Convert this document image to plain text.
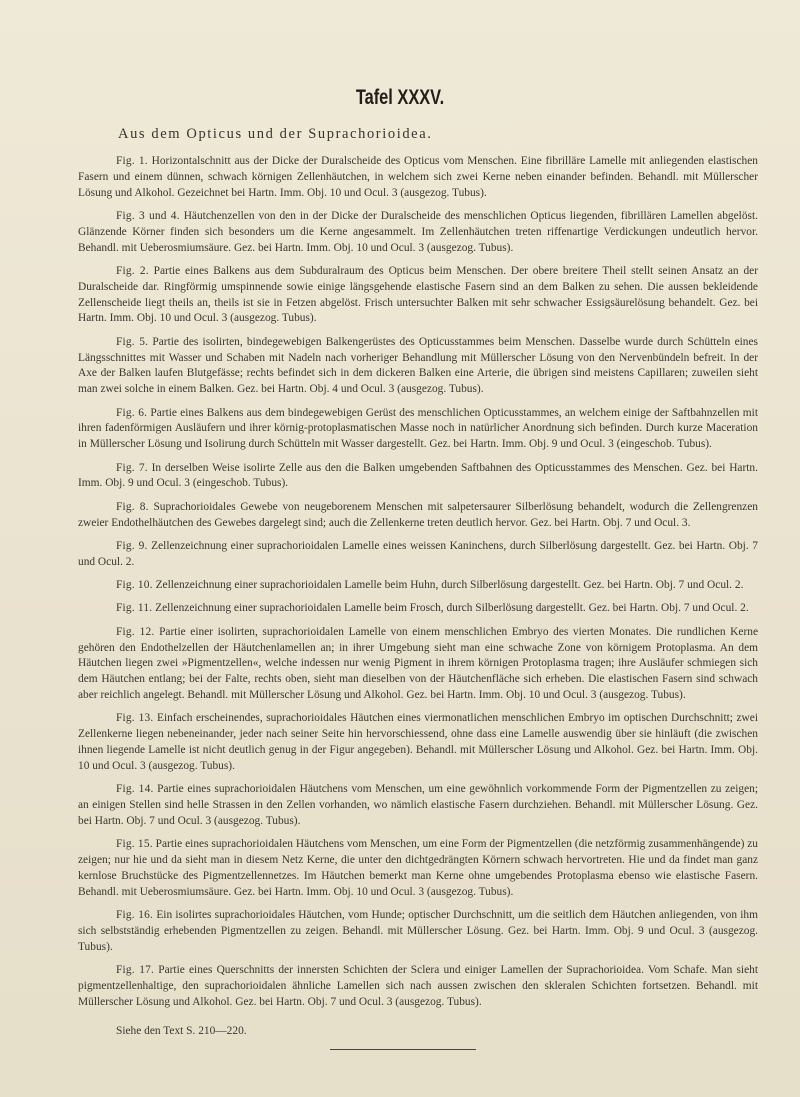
Tafel XXXV.
Aus dem Opticus und der Suprachorioidea.

Fig. 1. Horizontalschnitt aus der Dicke der Duralscheide des Opticus vom Menschen. Eine fibrilläre Lamelle mit anliegenden elastischen Fasern und einem dünnen, schwach körnigen Zellenhäutchen, in welchem sich zwei Kerne neben einander befinden. Behandl. mit Müllerscher Lösung und Alkohol. Gezeichnet bei Hartn. Imm. Obj. 10 und Ocul. 3 (ausgezog. Tubus).

Fig. 3 und 4. Häutchenzellen von den in der Dicke der Duralscheide des menschlichen Opticus liegenden, fibrillären Lamellen abgelöst. Glänzende Körner finden sich besonders um die Kerne angesammelt. Im Zellenhäutchen treten riffenartige Verdickungen undeutlich hervor. Behandl. mit Ueberosmiumsäure. Gez. bei Hartn. Imm. Obj. 10 und Ocul. 3 (ausgezog. Tubus).

Fig. 2. Partie eines Balkens aus dem Subduralraum des Opticus beim Menschen. Der obere breitere Theil stellt seinen Ansatz an der Duralscheide dar. Ringförmig umspinnende sowie einige längsgehende elastische Fasern sind an dem Balken zu sehen. Die aussen bekleidende Zellenscheide liegt theils an, theils ist sie in Fetzen abgelöst. Frisch untersuchter Balken mit sehr schwacher Essigsäurelösung behandelt. Gez. bei Hartn. Imm. Obj. 10 und Ocul. 3 (ausgezog. Tubus).

Fig. 5. Partie des isolirten, bindegewebigen Balkengerüstes des Opticusstammes beim Menschen. Dasselbe wurde durch Schütteln eines Längsschnittes mit Wasser und Schaben mit Nadeln nach vorheriger Behandlung mit Müllerscher Lösung von den Nervenbündeln befreit. In der Axe der Balken laufen Blutgefässe; rechts befindet sich in dem dickeren Balken eine Arterie, die übrigen sind meistens Capillaren; zuweilen sieht man zwei solche in einem Balken. Gez. bei Hartn. Obj. 4 und Ocul. 3 (ausgezog. Tubus).

Fig. 6. Partie eines Balkens aus dem bindegewebigen Gerüst des menschlichen Opticusstammes, an welchem einige der Saftbahnzellen mit ihren fadenförmigen Ausläufern und ihrer körnig-protoplasmatischen Masse noch in natürlicher Anordnung sich befinden. Durch kurze Maceration in Müllerscher Lösung und Isolirung durch Schütteln mit Wasser dargestellt. Gez. bei Hartn. Imm. Obj. 9 und Ocul. 3 (eingeschob. Tubus).

Fig. 7. In derselben Weise isolirte Zelle aus den die Balken umgebenden Saftbahnen des Opticusstammes des Menschen. Gez. bei Hartn. Imm. Obj. 9 und Ocul. 3 (eingeschob. Tubus).

Fig. 8. Suprachorioidales Gewebe von neugeborenem Menschen mit salpetersaurer Silberlösung behandelt, wodurch die Zellengrenzen zweier Endothelhäutchen des Gewebes dargelegt sind; auch die Zellenkerne treten deutlich hervor. Gez. bei Hartn. Obj. 7 und Ocul. 3.

Fig. 9. Zellenzeichnung einer suprachorioidalen Lamelle eines weissen Kaninchens, durch Silberlösung dargestellt. Gez. bei Hartn. Obj. 7 und Ocul. 2.

Fig. 10. Zellenzeichnung einer suprachorioidalen Lamelle beim Huhn, durch Silberlösung dargestellt. Gez. bei Hartn. Obj. 7 und Ocul. 2.

Fig. 11. Zellenzeichnung einer suprachorioidalen Lamelle beim Frosch, durch Silberlösung dargestellt. Gez. bei Hartn. Obj. 7 und Ocul. 2.

Fig. 12. Partie einer isolirten, suprachorioidalen Lamelle von einem menschlichen Embryo des vierten Monates. Die rundlichen Kerne gehören den Endothelzellen der Häutchenlamellen an; in ihrer Umgebung sieht man eine schwache Zone von körnigem Protoplasma. An dem Häutchen liegen zwei »Pigmentzellen«, welche indessen nur wenig Pigment in ihrem körnigen Protoplasma tragen; ihre Ausläufer schmiegen sich dem Häutchen entlang; bei der Falte, rechts oben, sieht man dieselben von der Häutchenfläche sich erheben. Die elastischen Fasern sind schwach aber reichlich angelegt. Behandl. mit Müllerscher Lösung und Alkohol. Gez. bei Hartn. Imm. Obj. 10 und Ocul. 3 (ausgezog. Tubus).

Fig. 13. Einfach erscheinendes, suprachorioidales Häutchen eines viermonatlichen menschlichen Embryo im optischen Durchschnitt; zwei Zellenkerne liegen nebeneinander, jeder nach seiner Seite hin hervorschiessend, ohne dass eine Lamelle auswendig über sie hinläuft (die zwischen ihnen liegende Lamelle ist nicht deutlich genug in der Figur angegeben). Behandl. mit Müllerscher Lösung und Alkohol. Gez. bei Hartn. Imm. Obj. 10 und Ocul. 3 (ausgezog. Tubus).

Fig. 14. Partie eines suprachorioidalen Häutchens vom Menschen, um eine gewöhnlich vorkommende Form der Pigmentzellen zu zeigen; an einigen Stellen sind helle Strassen in den Zellen vorhanden, wo nämlich elastische Fasern durchziehen. Behandl. mit Müllerscher Lösung. Gez. bei Hartn. Obj. 7 und Ocul. 3 (ausgezog. Tubus).

Fig. 15. Partie eines suprachorioidalen Häutchens vom Menschen, um eine Form der Pigmentzellen (die netzförmig zusammenhängende) zu zeigen; nur hie und da sieht man in diesem Netz Kerne, die unter den dichtgedrängten Körnern schwach hervortreten. Hie und da findet man ganz kernlose Bruchstücke des Pigmentzellennetzes. Im Häutchen bemerkt man Kerne ohne umgebendes Protoplasma ebenso wie elastische Fasern. Behandl. mit Ueberosmiumsäure. Gez. bei Hartn. Imm. Obj. 10 und Ocul. 3 (ausgezog. Tubus).

Fig. 16. Ein isolirtes suprachorioidales Häutchen, vom Hunde; optischer Durchschnitt, um die seitlich dem Häutchen anliegenden, von ihm sich selbstständig erhebenden Pigmentzellen zu zeigen. Behandl. mit Müllerscher Lösung. Gez. bei Hartn. Imm. Obj. 9 und Ocul. 3 (ausgezog. Tubus).

Fig. 17. Partie eines Querschnitts der innersten Schichten der Sclera und einiger Lamellen der Suprachorioidea. Vom Schafe. Man sieht pigmentzellenhaltige, den suprachorioidalen ähnliche Lamellen sich nach aussen zwischen den skleralen Schichten fortsetzen. Behandl. mit Müllerscher Lösung und Alkohol. Gez. bei Hartn. Obj. 7 und Ocul. 3 (ausgezog. Tubus).

Siehe den Text S. 210—220.
